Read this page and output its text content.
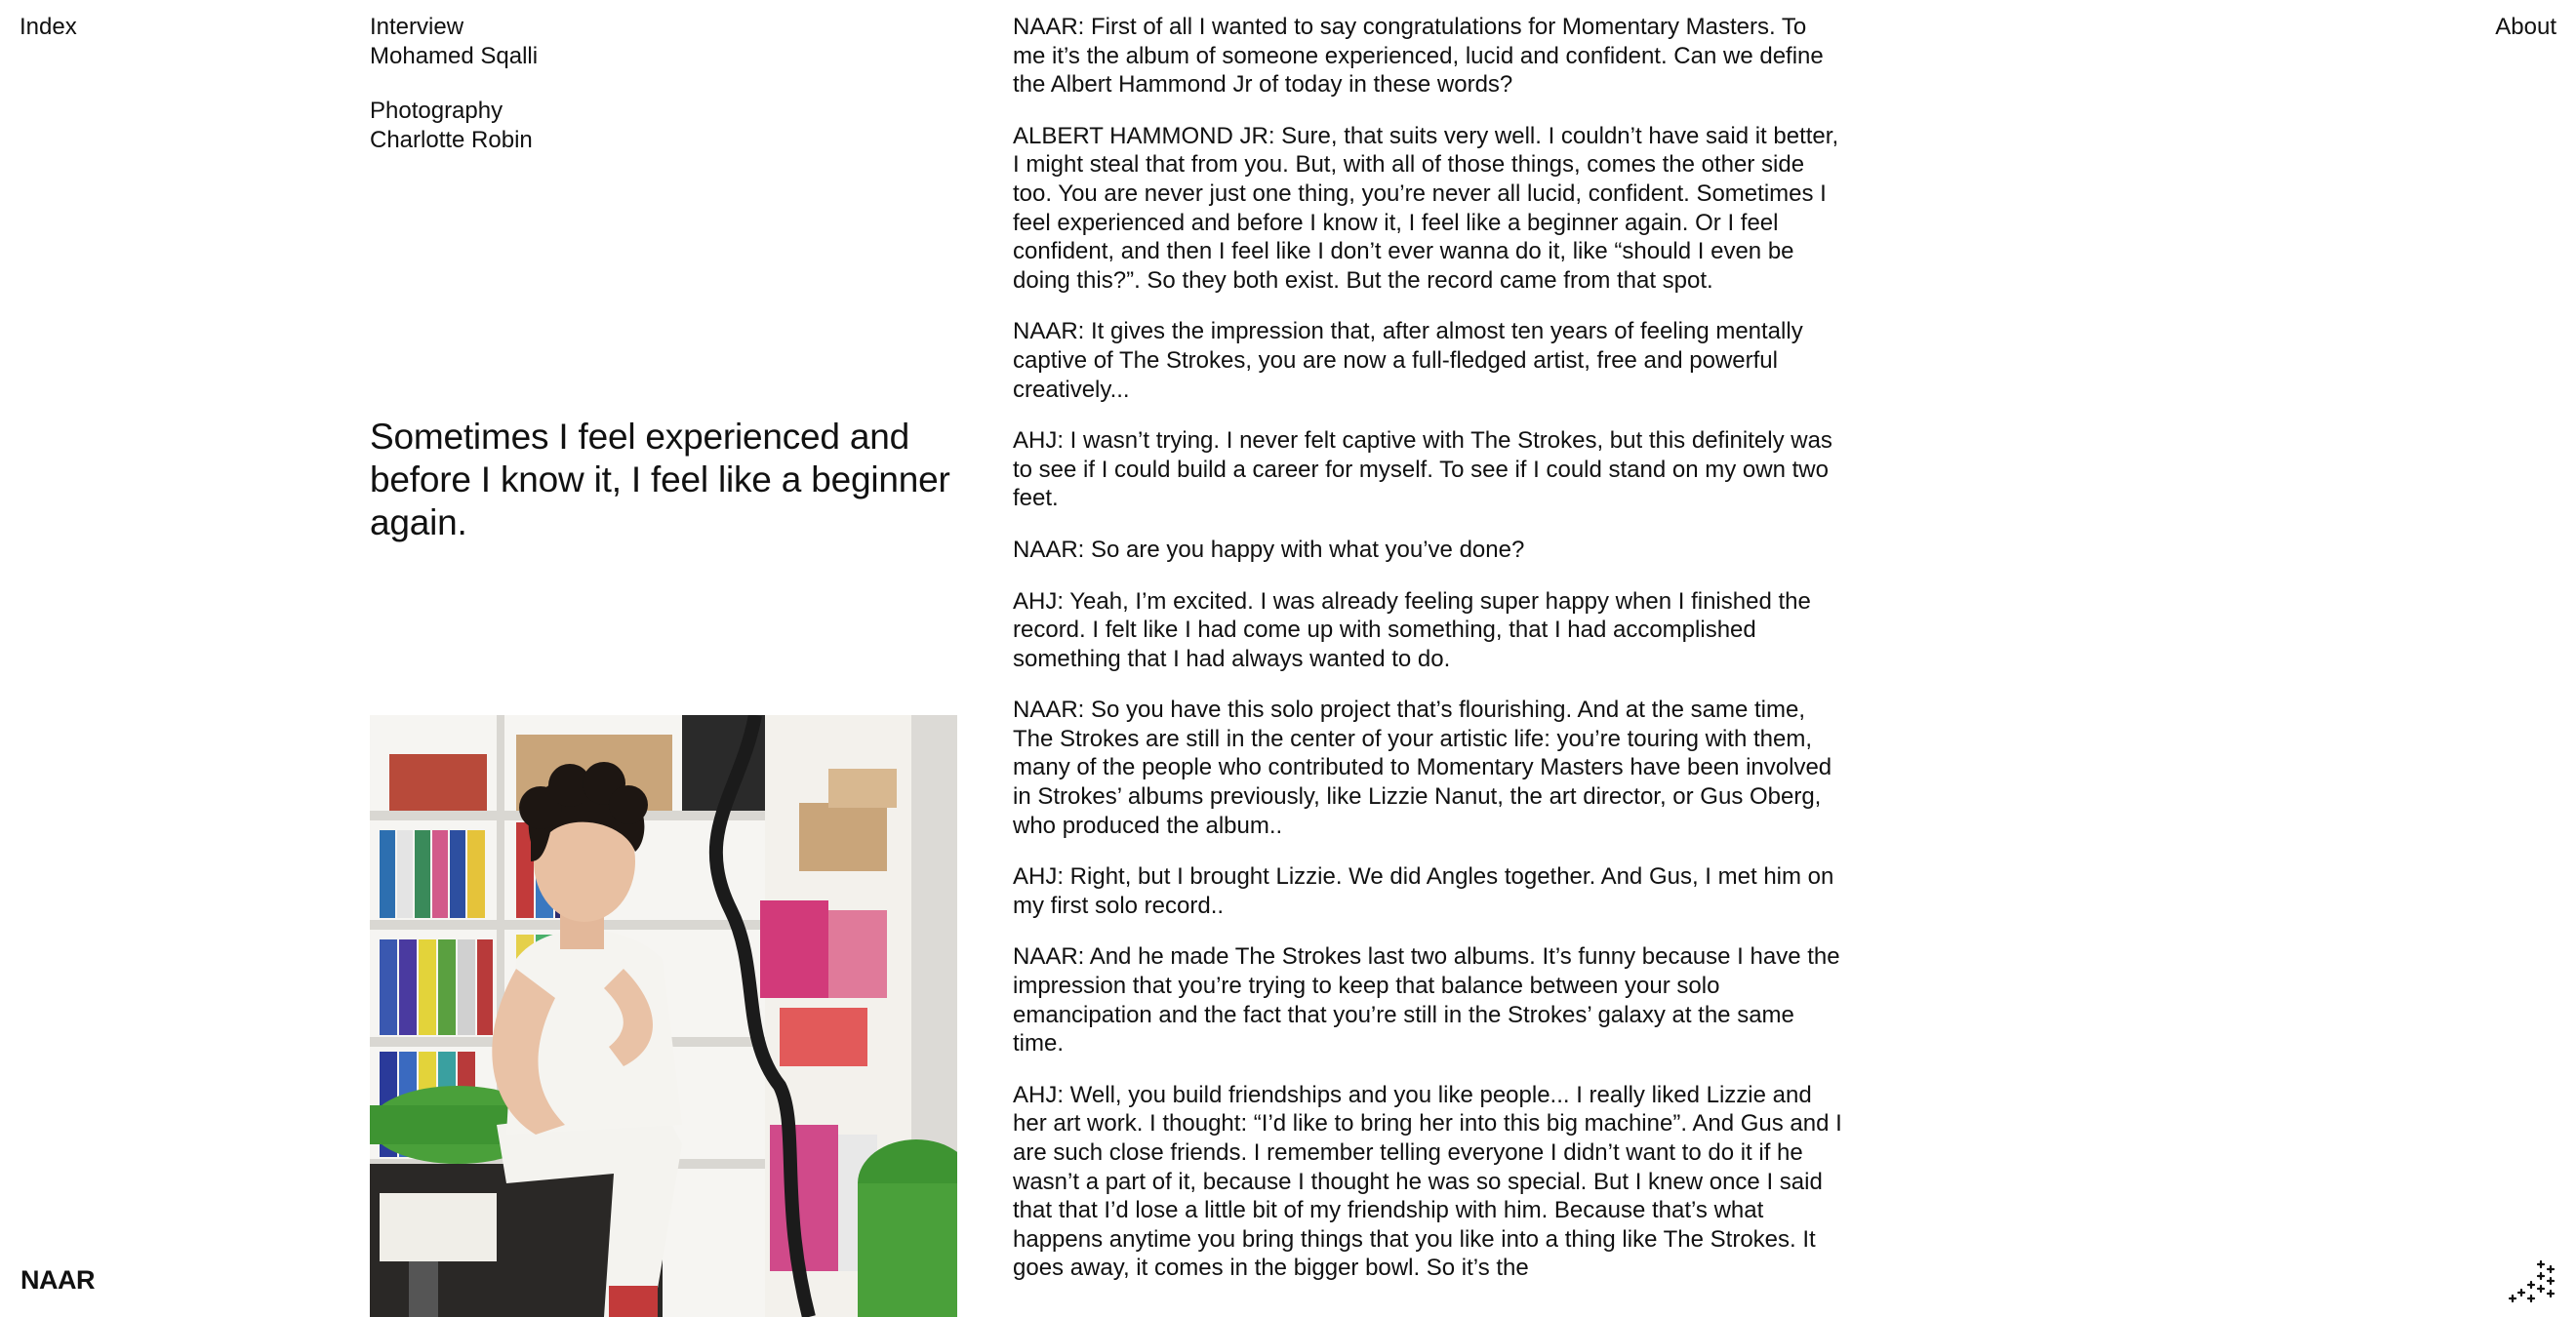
Index	About
Interview
Mohamed Sqalli
Photography
Charlotte Robin
Sometimes I feel experienced and before I know it, I feel like a beginner again.

NAAR: First of all I wanted to say congratulations for Momentary Masters. To me it’s the album of someone experienced, lucid and confident. Can we define the Albert Hammond Jr of today in these words?

ALBERT HAMMOND JR: Sure, that suits very well. I couldn’t have said it better, I might steal that from you. But, with all of those things, comes the other side too. You are never just one thing, you’re never all lucid, confident. Sometimes I feel experienced and before I know it, I feel like a beginner again. Or I feel confident, and then I feel like I don’t ever wanna do it, like “should I even be doing this?”. So they both exist. But the record came from that spot.

NAAR: It gives the impression that, after almost ten years of feeling mentally captive of The Strokes, you are now a full-fledged artist, free and powerful creatively...

AHJ: I wasn’t trying. I never felt captive with The Strokes, but this definitely was to see if I could build a career for myself. To see if I could stand on my own two feet.

NAAR: So are you happy with what you’ve done?

AHJ: Yeah, I’m excited. I was already feeling super happy when I finished the record. I felt like I had come up with something, that I had accomplished something that I had always wanted to do.

NAAR: So you have this solo project that’s flourishing. And at the same time, The Strokes are still in the center of your artistic life: you’re touring with them, many of the people who contributed to Momentary Masters have been involved in Strokes’ albums previously, like Lizzie Nanut, the art director, or Gus Oberg, who produced the album..

AHJ: Right, but I brought Lizzie. We did Angles together. And Gus, I met him on my first solo record..

NAAR: And he made The Strokes last two albums. It’s funny because I have the impression that you’re trying to keep that balance between your solo emancipation and the fact that you’re still in the Strokes’ galaxy at the same time.

AHJ: Well, you build friendships and you like people... I really liked Lizzie and her art work. I thought: “I’d like to bring her into this big machine”. And Gus and I are such close friends. I remember telling everyone I didn’t want to do it if he wasn’t a part of it, because I thought he was so special. But I knew once I said that that I’d lose a little bit of my friendship with him. Because that’s what happens anytime you bring things that you like into a thing like The Strokes. It goes away, it comes in the bigger bowl. So it’s the

NAAR
